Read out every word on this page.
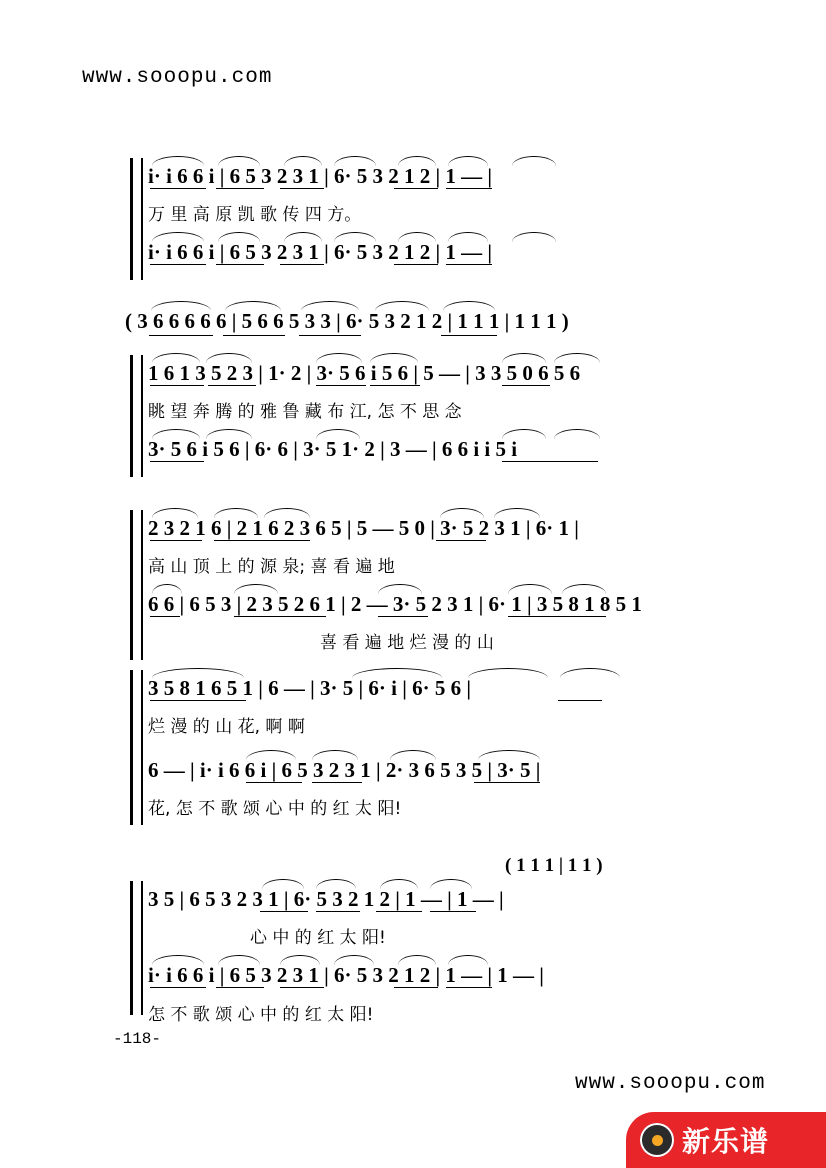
www.sooopu.com
i· i 6 6 i | 6 5 3 2 3 1 | 6· 5 3 2 1 2 | 1 — |
万 里 高 原 凯 歌 传 四 方。
i· i 6 6 i | 6 5 3 2 3 1 | 6· 5 3 2 1 2 | 1 — |
( 3 6 6 6 6 6 | 5 6 6 5 3 3 | 6· 5 3 2 1 2 | 1 1 1 | 1 1 1 )
1 6 1 3 5 2 3 | 1· 2 | 3· 5 6 i 5 6 | 5 — | 3 3 5 0 6 5 6
眺 望 奔 腾 的 雅 鲁 藏 布 江, 怎 不 思 念
3· 5 6 i 5 6 | 6· 6 | 3· 5 1· 2 | 3 — | 6 6 i i 5 i
2 3 2 1 6 | 2 1 6 2 3 6 5 | 5 — 5 0 | 3· 5 2 3 1 | 6· 1 |
高 山 顶 上 的 源 泉; 喜 看 遍 地
6 6 | 6 5 3 | 2 3 5 2 6 1 | 2 — 3· 5 2 3 1 | 6· 1 | 3 5 8 1 8 5 1
喜 看 遍 地 烂 漫 的 山
3 5 8 1 6 5 1 | 6 — | 3· 5 | 6· i | 6· 5 6 |
烂 漫 的 山 花, 啊 啊
6 — | i· i 6 6 i | 6 5 3 2 3 1 | 2· 3 6 5 3 5 | 3· 5 |
花, 怎 不 歌 颂 心 中 的 红 太 阳!
( 1 1 1 | 1 1 )
3 5 | 6 5 3 2 3 1 | 6· 5 3 2 1 2 | 1 — | 1 — |
心 中 的 红 太 阳!
i· i 6 6 i | 6 5 3 2 3 1 | 6· 5 3 2 1 2 | 1 — | 1 — |
怎 不 歌 颂 心 中 的 红 太 阳!
-118-
www.sooopu.com
新乐谱
